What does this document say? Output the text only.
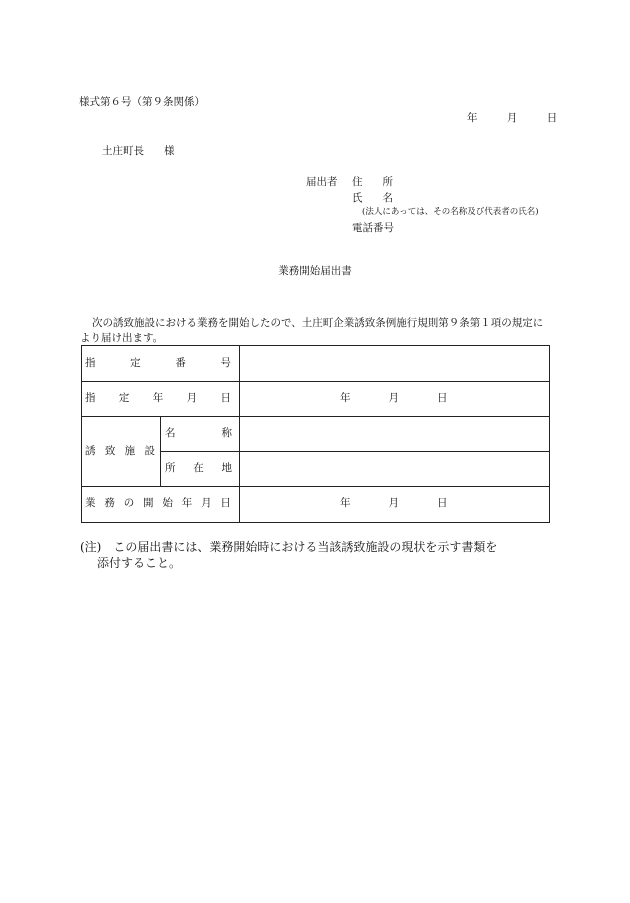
様式第６号（第９条関係）
年	月	日
土庄町長 様
届出者 住 所
氏 名
(法人にあっては、その名称及び代表者の氏名)
電話番号
業務開始届出書
次の誘致施設における業務を開始したので、土庄町企業誘致条例施行規則第９条第１項の規定により届け出ます。
指	定	番	号
指 定 年 月 日	年	月	日
誘 致 施 設
名	称
所 在 地
業 務 の 開 始 年 月 日	年	月	日
(注) この届出書には、業務開始時における当該誘致施設の現状を示す書類を
添付すること。
